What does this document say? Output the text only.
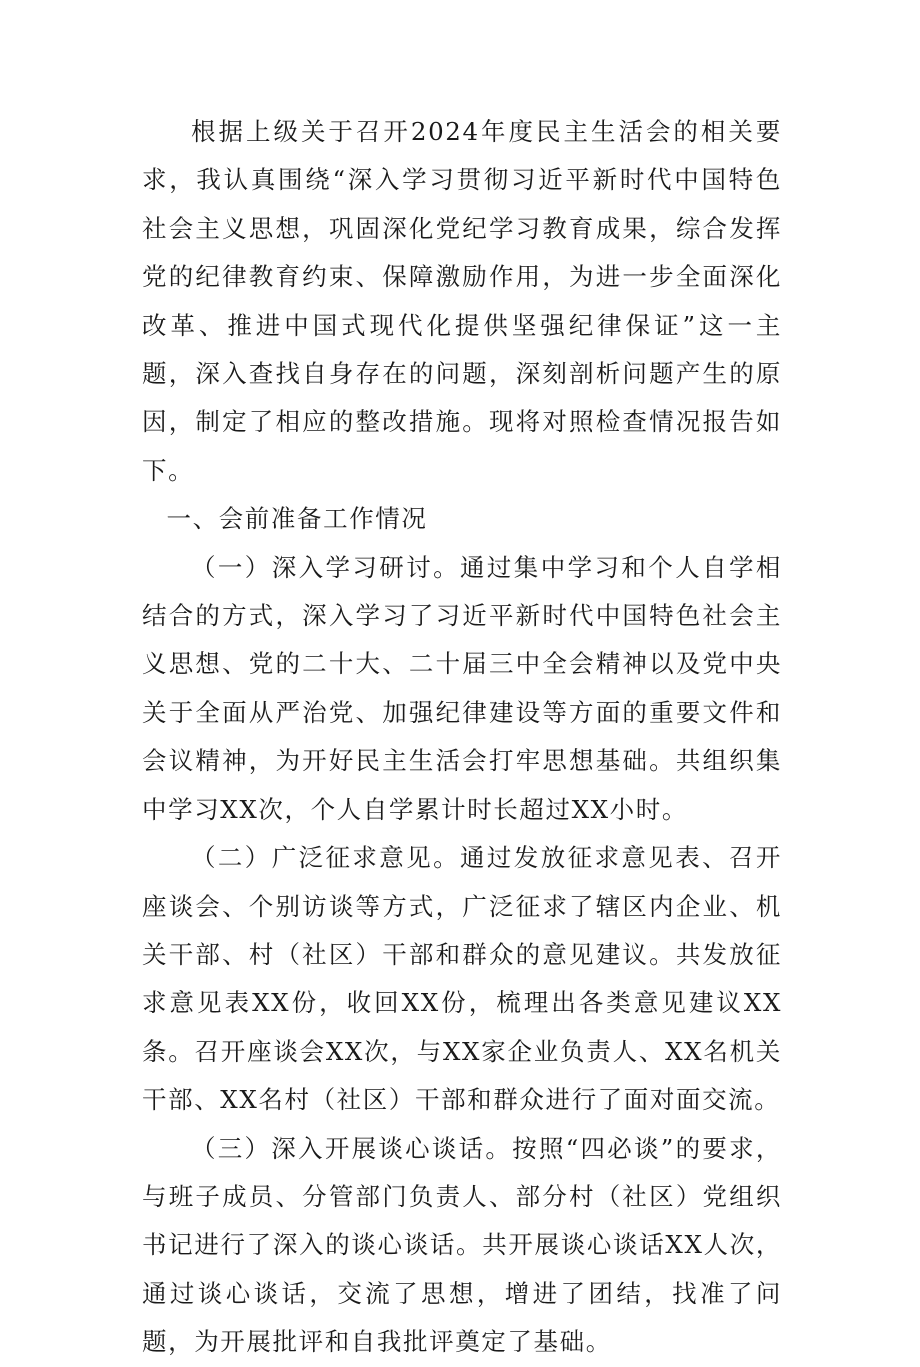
根据上级关于召开2024年度民主生活会的相关要求，我认真围绕“深入学习贯彻习近平新时代中国特色社会主义思想，巩固深化党纪学习教育成果，综合发挥党的纪律教育约束、保障激励作用，为进一步全面深化改革、推进中国式现代化提供坚强纪律保证”这一主题，深入查找自身存在的问题，深刻剖析问题产生的原因，制定了相应的整改措施。现将对照检查情况报告如下。

一、会前准备工作情况

（一）深入学习研讨。通过集中学习和个人自学相结合的方式，深入学习了习近平新时代中国特色社会主义思想、党的二十大、二十届三中全会精神以及党中央关于全面从严治党、加强纪律建设等方面的重要文件和会议精神，为开好民主生活会打牢思想基础。共组织集中学习XX次，个人自学累计时长超过XX小时。

（二）广泛征求意见。通过发放征求意见表、召开座谈会、个别访谈等方式，广泛征求了辖区内企业、机关干部、村（社区）干部和群众的意见建议。共发放征求意见表XX份，收回XX份，梳理出各类意见建议XX条。召开座谈会XX次，与XX家企业负责人、XX名机关干部、XX名村（社区）干部和群众进行了面对面交流。

（三）深入开展谈心谈话。按照“四必谈”的要求，与班子成员、分管部门负责人、部分村（社区）党组织书记进行了深入的谈心谈话。共开展谈心谈话XX人次，通过谈心谈话，交流了思想，增进了团结，找准了问题，为开展批评和自我批评奠定了基础。
